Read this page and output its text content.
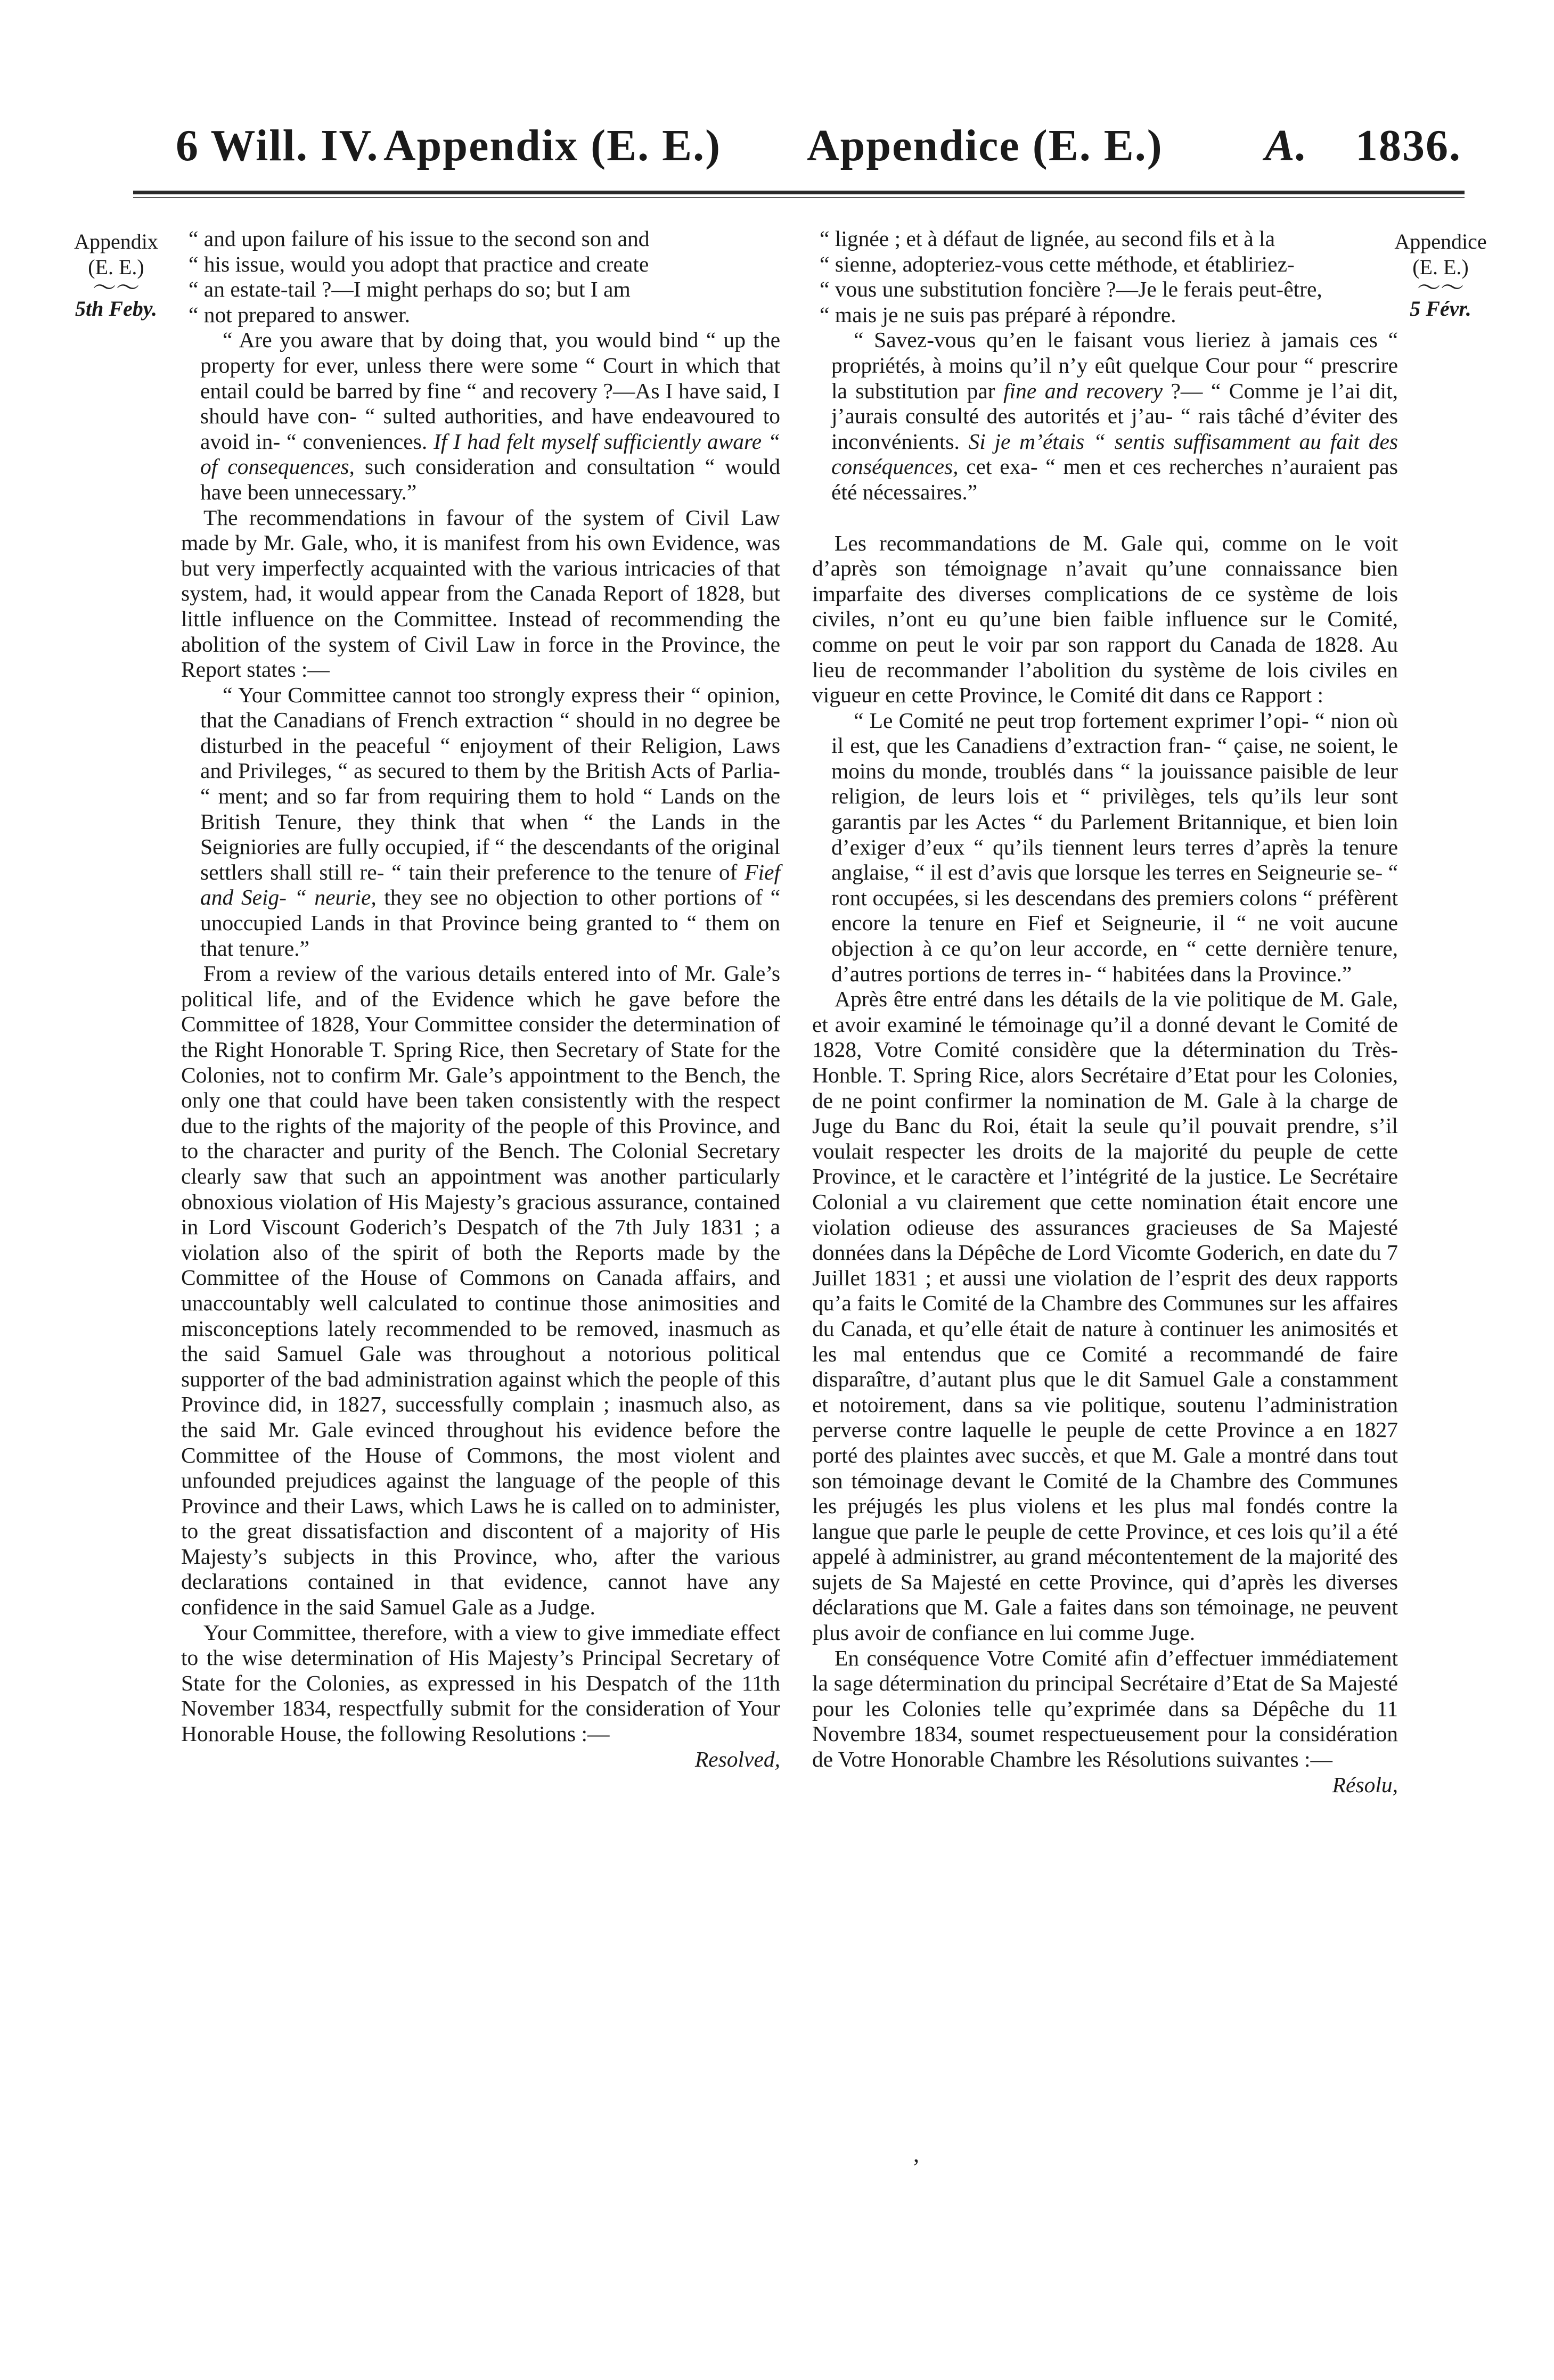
6 Will. IV. Appendix (E. E.) Appendice (E. E.) A. 1836.
Appendix
(E. E.)
〜〜
5th Feby.
Appendice
(E. E.)
〜〜
5 Févr.

“ and upon failure of his issue to the second son and

“ his issue, would you adopt that practice and create

“ an estate-tail ?—I might perhaps do so; but I am

“ not prepared to answer.

“ Are you aware that by doing that, you would bind “ up the property for ever, unless there were some “ Court in which that entail could be barred by fine “ and recovery ?—As I have said, I should have con- “ sulted authorities, and have endeavoured to avoid in- “ conveniences. If I had felt myself sufficiently aware “ of consequences, such consideration and consultation “ would have been unnecessary.”

The recommendations in favour of the system of Civil Law made by Mr. Gale, who, it is manifest from his own Evidence, was but very imperfectly acquainted with the various intricacies of that system, had, it would appear from the Canada Report of 1828, but little influence on the Committee. Instead of recommending the abolition of the system of Civil Law in force in the Province, the Report states :—

“ Your Committee cannot too strongly express their “ opinion, that the Canadians of French extraction “ should in no degree be disturbed in the peaceful “ enjoyment of their Religion, Laws and Privileges, “ as secured to them by the British Acts of Parlia- “ ment; and so far from requiring them to hold “ Lands on the British Tenure, they think that when “ the Lands in the Seigniories are fully occupied, if “ the descendants of the original settlers shall still re- “ tain their preference to the tenure of Fief and Seig- “ neurie, they see no objection to other portions of “ unoccupied Lands in that Province being granted to “ them on that tenure.”

From a review of the various details entered into of Mr. Gale’s political life, and of the Evidence which he gave before the Committee of 1828, Your Committee consider the determination of the Right Honorable T. Spring Rice, then Secretary of State for the Colonies, not to confirm Mr. Gale’s appointment to the Bench, the only one that could have been taken consistently with the respect due to the rights of the majority of the people of this Province, and to the character and purity of the Bench. The Colonial Secretary clearly saw that such an appointment was another particularly obnoxious violation of His Majesty’s gracious assurance, contained in Lord Viscount Goderich’s Despatch of the 7th July 1831 ; a violation also of the spirit of both the Reports made by the Committee of the House of Commons on Canada affairs, and unaccountably well calculated to continue those animosities and misconceptions lately recommended to be removed, inasmuch as the said Samuel Gale was throughout a notorious political supporter of the bad administration against which the people of this Province did, in 1827, successfully complain ; inasmuch also, as the said Mr. Gale evinced throughout his evidence before the Committee of the House of Commons, the most violent and unfounded prejudices against the language of the people of this Province and their Laws, which Laws he is called on to administer, to the great dissatisfaction and discontent of a majority of His Majesty’s subjects in this Province, who, after the various declarations contained in that evidence, cannot have any confidence in the said Samuel Gale as a Judge.

Your Committee, therefore, with a view to give immediate effect to the wise determination of His Majesty’s Principal Secretary of State for the Colonies, as expressed in his Despatch of the 11th November 1834, respectfully submit for the consideration of Your Honorable House, the following Resolutions :—

Resolved,

“ lignée ; et à défaut de lignée, au second fils et à la

“ sienne, adopteriez-vous cette méthode, et établiriez-

“ vous une substitution foncière ?—Je le ferais peut-être,

“ mais je ne suis pas préparé à répondre.

“ Savez-vous qu’en le faisant vous lieriez à jamais ces “ propriétés, à moins qu’il n’y eût quelque Cour pour “ prescrire la substitution par fine and recovery ?— “ Comme je l’ai dit, j’aurais consulté des autorités et j’au- “ rais tâché d’éviter des inconvénients. Si je m’étais “ sentis suffisamment au fait des conséquences, cet exa- “ men et ces recherches n’auraient pas été nécessaires.”

Les recommandations de M. Gale qui, comme on le voit d’après son témoignage n’avait qu’une connaissance bien imparfaite des diverses complications de ce système de lois civiles, n’ont eu qu’une bien faible influence sur le Comité, comme on peut le voir par son rapport du Canada de 1828. Au lieu de recommander l’abolition du système de lois civiles en vigueur en cette Province, le Comité dit dans ce Rapport :

“ Le Comité ne peut trop fortement exprimer l’opi- “ nion où il est, que les Canadiens d’extraction fran- “ çaise, ne soient, le moins du monde, troublés dans “ la jouissance paisible de leur religion, de leurs lois et “ privilèges, tels qu’ils leur sont garantis par les Actes “ du Parlement Britannique, et bien loin d’exiger d’eux “ qu’ils tiennent leurs terres d’après la tenure anglaise, “ il est d’avis que lorsque les terres en Seigneurie se- “ ront occupées, si les descendans des premiers colons “ préfèrent encore la tenure en Fief et Seigneurie, il “ ne voit aucune objection à ce qu’on leur accorde, en “ cette dernière tenure, d’autres portions de terres in- “ habitées dans la Province.”

Après être entré dans les détails de la vie politique de M. Gale, et avoir examiné le témoinage qu’il a donné devant le Comité de 1828, Votre Comité considère que la détermination du Très-Honble. T. Spring Rice, alors Secrétaire d’Etat pour les Colonies, de ne point confirmer la nomination de M. Gale à la charge de Juge du Banc du Roi, était la seule qu’il pouvait prendre, s’il voulait respecter les droits de la majorité du peuple de cette Province, et le caractère et l’intégrité de la justice. Le Secrétaire Colonial a vu clairement que cette nomination était encore une violation odieuse des assurances gracieuses de Sa Majesté données dans la Dépêche de Lord Vicomte Goderich, en date du 7 Juillet 1831 ; et aussi une violation de l’esprit des deux rapports qu’a faits le Comité de la Chambre des Communes sur les affaires du Canada, et qu’elle était de nature à continuer les animosités et les mal entendus que ce Comité a recommandé de faire disparaître, d’autant plus que le dit Samuel Gale a constamment et notoirement, dans sa vie politique, soutenu l’administration perverse contre laquelle le peuple de cette Province a en 1827 porté des plaintes avec succès, et que M. Gale a montré dans tout son témoinage devant le Comité de la Chambre des Communes les préjugés les plus violens et les plus mal fondés contre la langue que parle le peuple de cette Province, et ces lois qu’il a été appelé à administrer, au grand mécontentement de la majorité des sujets de Sa Majesté en cette Province, qui d’après les diverses déclarations que M. Gale a faites dans son témoinage, ne peuvent plus avoir de confiance en lui comme Juge.

En conséquence Votre Comité afin d’effectuer immédiatement la sage détermination du principal Secrétaire d’Etat de Sa Majesté pour les Colonies telle qu’exprimée dans sa Dépêche du 11 Novembre 1834, soumet respectueusement pour la considération de Votre Honorable Chambre les Résolutions suivantes :—

Résolu,

,
